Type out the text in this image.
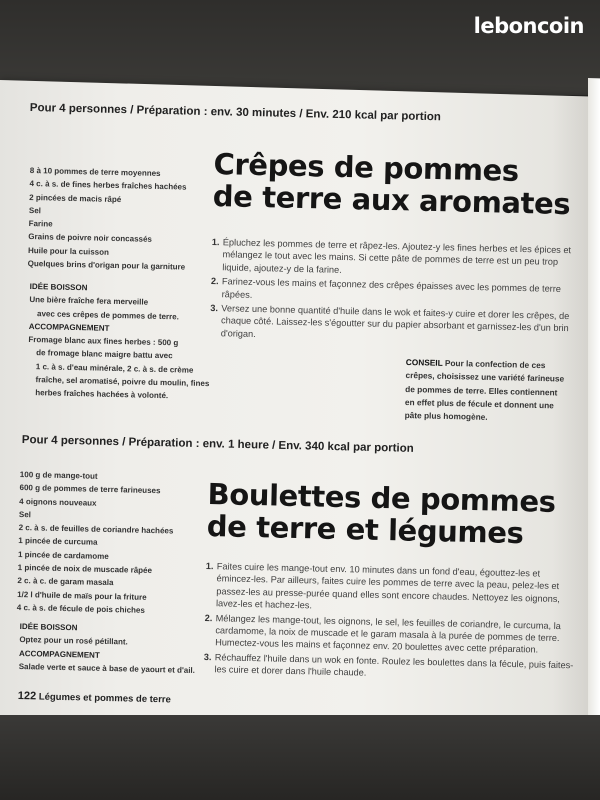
leboncoin
Pour 4 personnes / Préparation : env. 30 minutes / Env. 210 kcal par portion
8 à 10 pommes de terre moyennes
4 c. à s. de fines herbes fraîches hachées
2 pincées de macis râpé
Sel
Farine
Grains de poivre noir concassés
Huile pour la cuisson
Quelques brins d'origan pour la garniture
IDÉE BOISSON
Une bière fraîche fera merveille
avec ces crêpes de pommes de terre.
ACCOMPAGNEMENT
Fromage blanc aux fines herbes : 500 g
de fromage blanc maigre battu avec
1 c. à s. d'eau minérale, 2 c. à s. de crème
fraîche, sel aromatisé, poivre du moulin, fines
herbes fraîches hachées à volonté.
Crêpes de pommes
de terre aux aromates
1. Épluchez les pommes de terre et râpez-les. Ajoutez-y les fines herbes et les épices et mélangez le tout avec les mains. Si cette pâte de pommes de terre est un peu trop liquide, ajoutez-y de la farine.
2. Farinez-vous les mains et façonnez des crêpes épaisses avec les pommes de terre râpées.
3. Versez une bonne quantité d'huile dans le wok et faites-y cuire et dorer les crêpes, de chaque côté. Laissez-les s'égoutter sur du papier absorbant et garnissez-les d'un brin d'origan.
CONSEIL Pour la confection de ces crêpes, choisissez une variété farineuse de pommes de terre. Elles contiennent en effet plus de fécule et donnent une pâte plus homogène.
Pour 4 personnes / Préparation : env. 1 heure / Env. 340 kcal par portion
100 g de mange-tout
600 g de pommes de terre farineuses
4 oignons nouveaux
Sel
2 c. à s. de feuilles de coriandre hachées
1 pincée de curcuma
1 pincée de cardamome
1 pincée de noix de muscade râpée
2 c. à c. de garam masala
1/2 l d'huile de maïs pour la friture
4 c. à s. de fécule de pois chiches
IDÉE BOISSON
Optez pour un rosé pétillant.
ACCOMPAGNEMENT
Salade verte et sauce à base de yaourt et d'ail.
Boulettes de pommes
de terre et légumes
1. Faites cuire les mange-tout env. 10 minutes dans un fond d'eau, égouttez-les et émincez-les. Par ailleurs, faites cuire les pommes de terre avec la peau, pelez-les et passez-les au presse-purée quand elles sont encore chaudes. Nettoyez les oignons, lavez-les et hachez-les.
2. Mélangez les mange-tout, les oignons, le sel, les feuilles de coriandre, le curcuma, la cardamome, la noix de muscade et le garam masala à la purée de pommes de terre. Humectez-vous les mains et façonnez env. 20 boulettes avec cette préparation.
3. Réchauffez l'huile dans un wok en fonte. Roulez les boulettes dans la fécule, puis faites-les cuire et dorer dans l'huile chaude.
122 Légumes et pommes de terre
